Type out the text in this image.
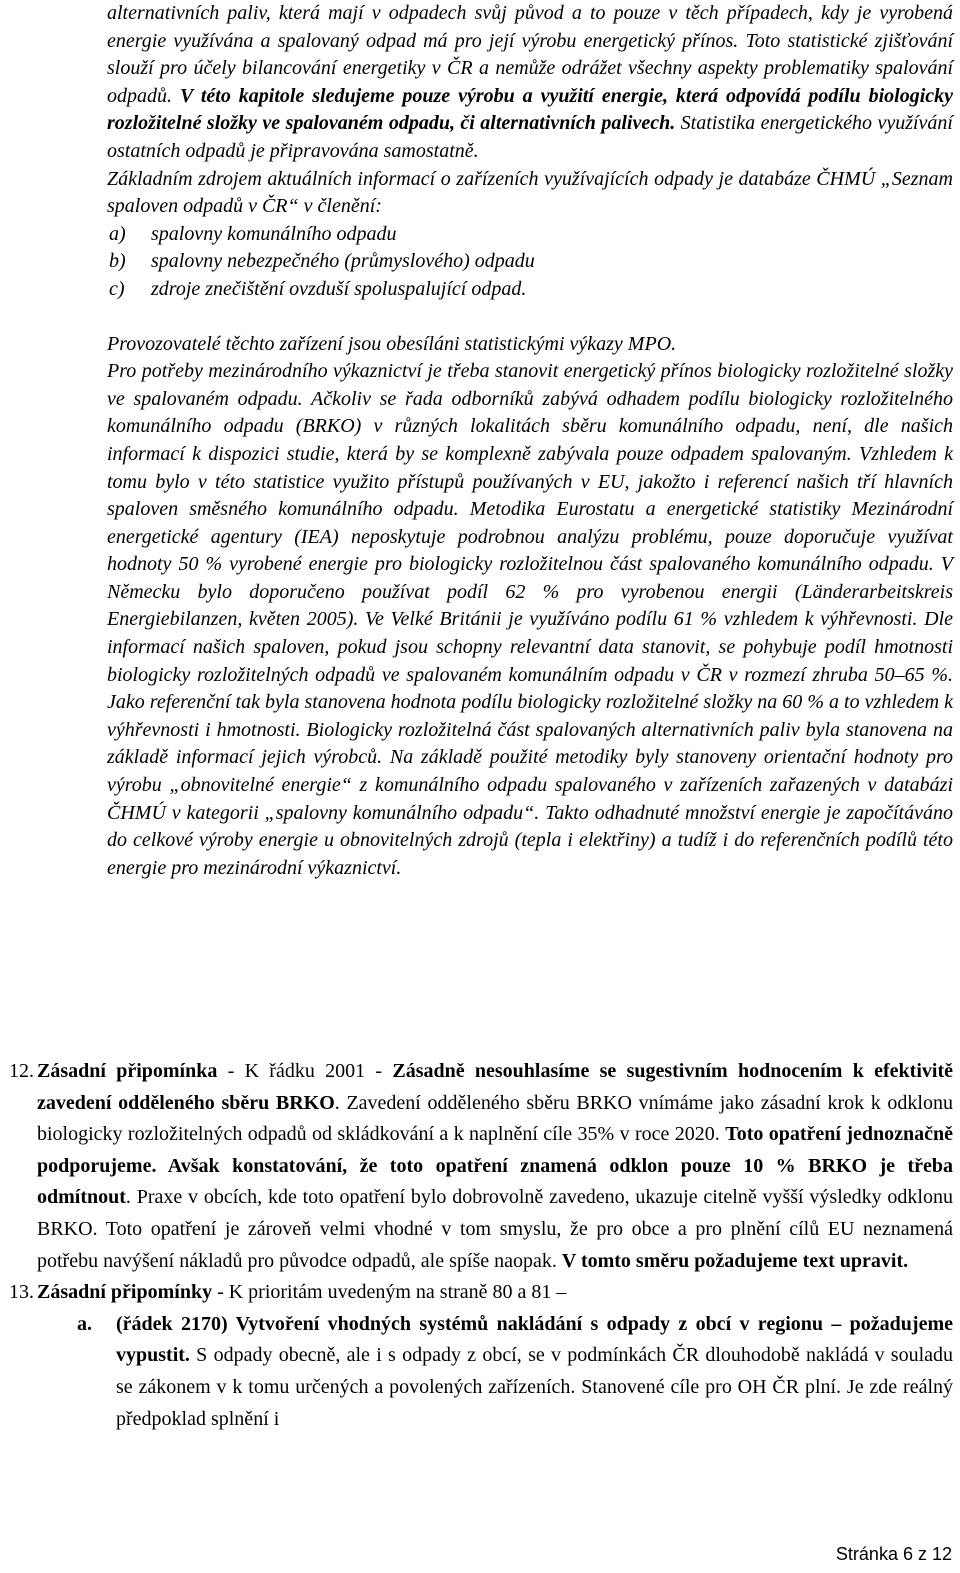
alternativních paliv, která mají v odpadech svůj původ a to pouze v těch případech, kdy je vyrobená energie využívána a spalovaný odpad má pro její výrobu energetický přínos. Toto statistické zjišťování slouží pro účely bilancování energetiky v ČR a nemůže odrážet všechny aspekty problematiky spalování odpadů. V této kapitole sledujeme pouze výrobu a využití energie, která odpovídá podílu biologicky rozložitelné složky ve spalovaném odpadu, či alternativních palivech. Statistika energetického využívání ostatních odpadů je připravována samostatně.

Základním zdrojem aktuálních informací o zařízeních využívajících odpady je databáze ČHMÚ „Seznam spaloven odpadů v ČR“ v členění:

a) spalovny komunálního odpadu
b) spalovny nebezpečného (průmyslového) odpadu
c) zdroje znečištění ovzduší spoluspalující odpad.

Provozovatelé těchto zařízení jsou obesíláni statistickými výkazy MPO.

Pro potřeby mezinárodního výkaznictví je třeba stanovit energetický přínos biologicky rozložitelné složky ve spalovaném odpadu. Ačkoliv se řada odborníků zabývá odhadem podílu biologicky rozložitelného komunálního odpadu (BRKO) v různých lokalitách sběru komunálního odpadu, není, dle našich informací k dispozici studie, která by se komplexně zabývala pouze odpadem spalovaným. Vzhledem k tomu bylo v této statistice využito přístupů používaných v EU, jakožto i referencí našich tří hlavních spaloven směsného komunálního odpadu. Metodika Eurostatu a energetické statistiky Mezinárodní energetické agentury (IEA) neposkytuje podrobnou analýzu problému, pouze doporučuje využívat hodnoty 50 % vyrobené energie pro biologicky rozložitelnou část spalovaného komunálního odpadu. V Německu bylo doporučeno používat podíl 62 % pro vyrobenou energii (Länderarbeitskreis Energiebilanzen, květen 2005). Ve Velké Británii je využíváno podílu 61 % vzhledem k výhřevnosti. Dle informací našich spaloven, pokud jsou schopny relevantní data stanovit, se pohybuje podíl hmotnosti biologicky rozložitelných odpadů ve spalovaném komunálním odpadu v ČR v rozmezí zhruba 50–65 %. Jako referenční tak byla stanovena hodnota podílu biologicky rozložitelné složky na 60 % a to vzhledem k výhřevnosti i hmotnosti. Biologicky rozložitelná část spalovaných alternativních paliv byla stanovena na základě informací jejich výrobců. Na základě použité metodiky byly stanoveny orientační hodnoty pro výrobu „obnovitelné energie“ z komunálního odpadu spalovaného v zařízeních zařazených v databázi ČHMÚ v kategorii „spalovny komunálního odpadu“. Takto odhadnuté množství energie je započítáváno do celkové výroby energie u obnovitelných zdrojů (tepla i elektřiny) a tudíž i do referenčních podílů této energie pro mezinárodní výkaznictví.

12. Zásadní připomínka - K řádku 2001 - Zásadně nesouhlasíme se sugestivním hodnocením k efektivitě zavedení odděleného sběru BRKO. Zavedení odděleného sběru BRKO vnímáme jako zásadní krok k odklonu biologicky rozložitelných odpadů od skládkování a k naplnění cíle 35% v roce 2020. Toto opatření jednoznačně podporujeme. Avšak konstatování, že toto opatření znamená odklon pouze 10 % BRKO je třeba odmítnout. Praxe v obcích, kde toto opatření bylo dobrovolně zavedeno, ukazuje citelně vyšší výsledky odklonu BRKO. Toto opatření je zároveň velmi vhodné v tom smyslu, že pro obce a pro plnění cílů EU neznamená potřebu navýšení nákladů pro původce odpadů, ale spíše naopak. V tomto směru požadujeme text upravit.
13. Zásadní připomínky - K prioritám uvedeným na straně 80 a 81 –
a. (řádek 2170) Vytvoření vhodných systémů nakládání s odpady z obcí v regionu – požadujeme vypustit. S odpady obecně, ale i s odpady z obcí, se v podmínkách ČR dlouhodobě nakládá v souladu se zákonem v k tomu určených a povolených zařízeních. Stanovené cíle pro OH ČR plní. Je zde reálný předpoklad splnění i
Stránka 6 z 12
